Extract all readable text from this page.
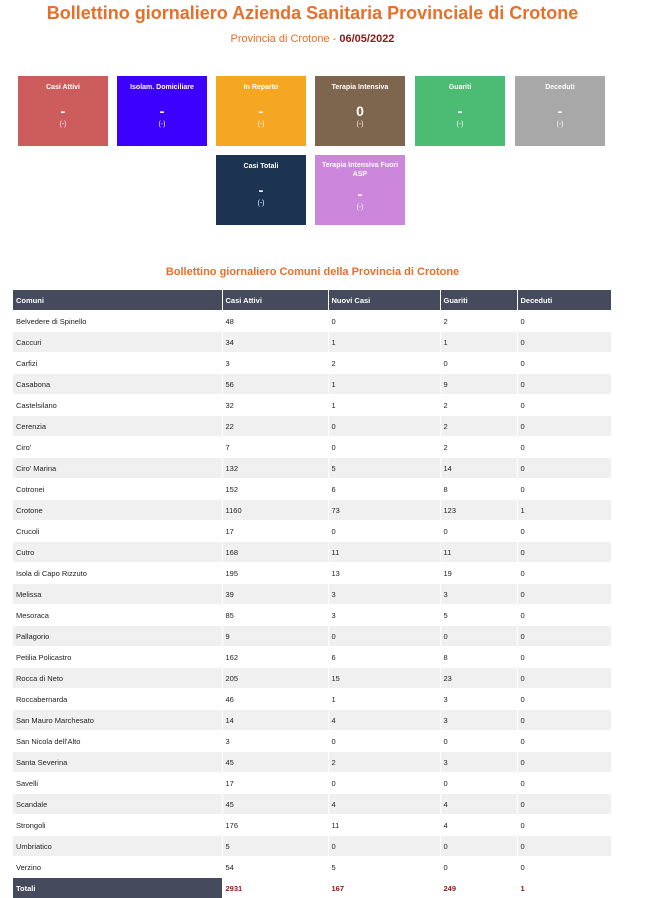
Bollettino giornaliero Azienda Sanitaria Provinciale di Crotone
Provincia di Crotone - 06/05/2022
Casi Attivi
-
(-)
Isolam. Domiciliare
-
(-)
In Reparto
-
(-)
Terapia Intensiva
0
(-)
Guariti
-
(-)
Deceduti
-
(-)
Casi Totali
-
(-)
Terapia Intensiva Fuori ASP
-
(-)
Bollettino giornaliero Comuni della Provincia di Crotone
Comuni	Casi Attivi	Nuovi Casi	Guariti	Deceduti
Belvedere di Spinello	48	0	2	0
Caccuri	34	1	1	0
Carfizi	3	2	0	0
Casabona	56	1	9	0
Castelsilano	32	1	2	0
Cerenzia	22	0	2	0
Ciro'	7	0	2	0
Ciro' Marina	132	5	14	0
Cotronei	152	6	8	0
Crotone	1160	73	123	1
Crucoli	17	0	0	0
Cutro	168	11	11	0
Isola di Capo Rizzuto	195	13	19	0
Melissa	39	3	3	0
Mesoraca	85	3	5	0
Pallagorio	9	0	0	0
Petilia Policastro	162	6	8	0
Rocca di Neto	205	15	23	0
Roccabernarda	46	1	3	0
San Mauro Marchesato	14	4	3	0
San Nicola dell'Alto	3	0	0	0
Santa Severina	45	2	3	0
Savelli	17	0	0	0
Scandale	45	4	4	0
Strongoli	176	11	4	0
Umbriatico	5	0	0	0
Verzino	54	5	0	0
Totali	2931	167	249	1
